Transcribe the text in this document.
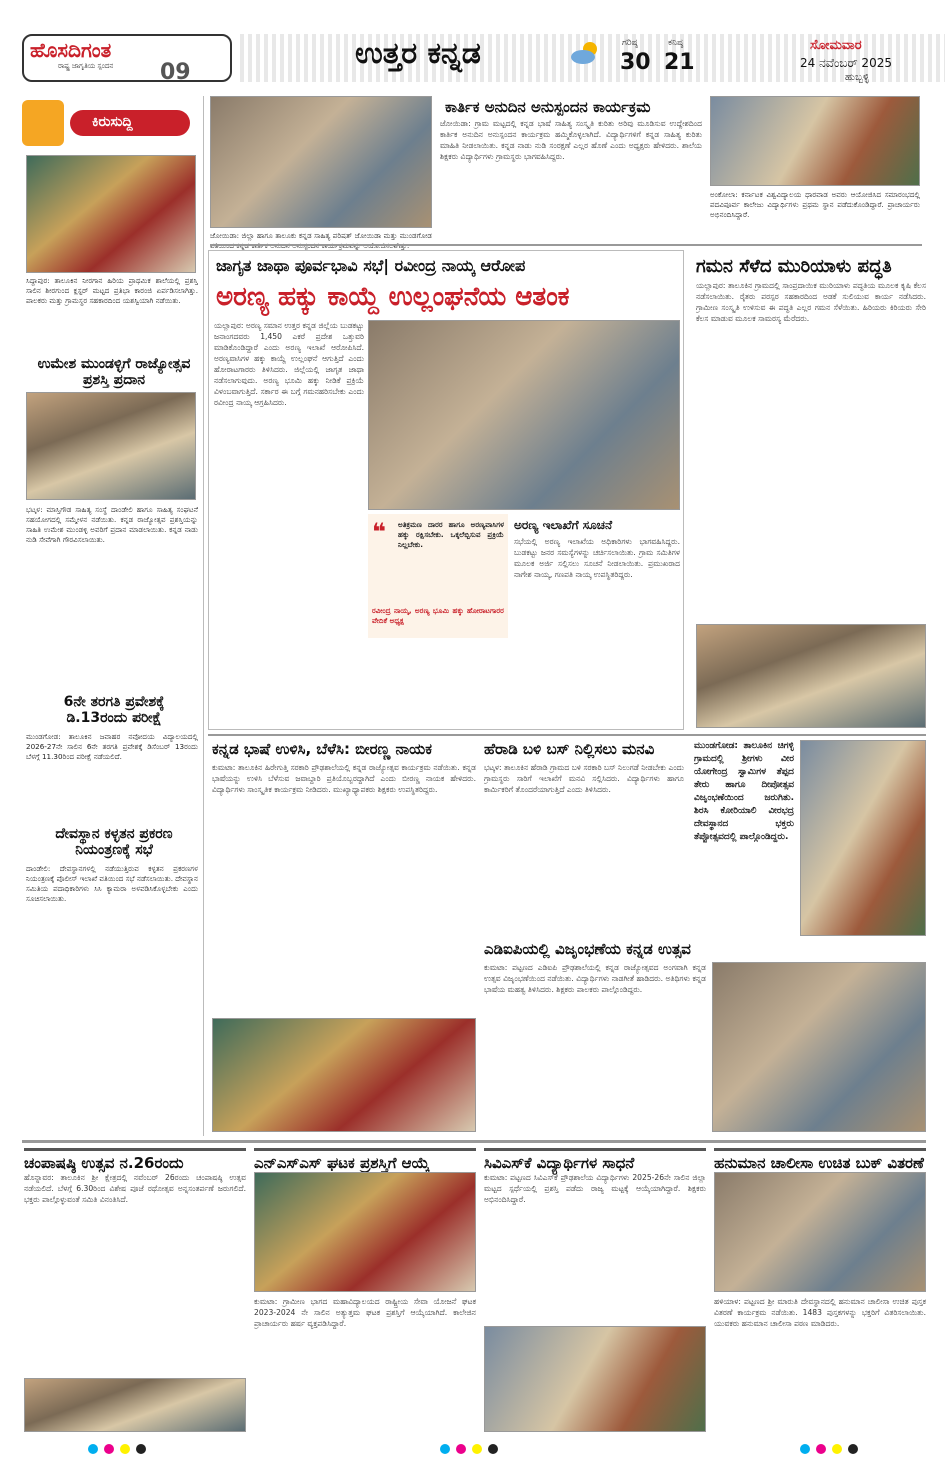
ಹೊಸದಿಗಂತ
ರಾಷ್ಟ್ರ ಜಾಗೃತಿಯ ಸ್ಪಂದನ 09
ಉತ್ತರ ಕನ್ನಡ	ಗರಿಷ್ಠ
30
ಕನಿಷ್ಠ
21
ಸೋಮವಾರ
24 ನವೆಂಬರ್ 2025
ಹುಬ್ಬಳ್ಳಿ
ಕಿರುಸುದ್ದಿ
ಸಿದ್ದಾಪುರ: ತಾಲೂಕಿನ ನೀರಗಾನ ಹಿರಿಯ ಪ್ರಾಥಮಿಕ ಶಾಲೆಯಲ್ಲಿ ಪ್ರಶಸ್ತಿ ಸಾಲಿನ ಶೀರಗುಂದ ಕ್ಲಸ್ಟರ್ ಮಟ್ಟದ ಪ್ರತಿಭಾ ಕಾರಂಜಿ ಏರ್ಪಡಿಸಲಾಗಿತ್ತು. ಪಾಲಕರು ಮತ್ತು ಗ್ರಾಮಸ್ಥರ ಸಹಕಾರದಿಂದ ಯಶಸ್ವಿಯಾಗಿ ನಡೆಯಿತು.
ಉಮೇಶ ಮುಂಡಳ್ಳಿಗೆ ರಾಜ್ಯೋತ್ಸವ ಪ್ರಶಸ್ತಿ ಪ್ರದಾನ
ಭಟ್ಕಳ: ಮಾಸ್ತಿಗೌಡ ಸಾಹಿತ್ಯ ಸಂಸ್ಥೆ ದಾಂಡೇಲಿ ಹಾಗೂ ಸಾಹಿತ್ಯ ಸಂಘಟನೆ ಸಹಯೋಗದಲ್ಲಿ ಸಮ್ಮೇಳನ ನಡೆಯಿತು. ಕನ್ನಡ ರಾಜ್ಯೋತ್ಸವ ಪ್ರಶಸ್ತಿಯನ್ನು ಸಾಹಿತಿ ಉಮೇಶ ಮುಂಡಳ್ಳಿ ಅವರಿಗೆ ಪ್ರದಾನ ಮಾಡಲಾಯಿತು. ಕನ್ನಡ ನಾಡು ನುಡಿ ಸೇವೆಗಾಗಿ ಗೌರವಿಸಲಾಯಿತು.
6ನೇ ತರಗತಿ ಪ್ರವೇಶಕ್ಕೆ ಡಿ.13ರಂದು ಪರೀಕ್ಷೆ
ಮುಂಡಗೋಡ: ತಾಲೂಕಿನ ಜವಾಹರ ನವೋದಯ ವಿದ್ಯಾಲಯದಲ್ಲಿ 2026-27ನೇ ಸಾಲಿನ 6ನೇ ತರಗತಿ ಪ್ರವೇಶಕ್ಕೆ ಡಿಸೆಂಬರ್ 13ರಂದು ಬೆಳಗ್ಗೆ 11.30ರಿಂದ ಪರೀಕ್ಷೆ ನಡೆಯಲಿದೆ.
ದೇವಸ್ಥಾನ ಕಳ್ಳತನ ಪ್ರಕರಣ ನಿಯಂತ್ರಣಕ್ಕೆ ಸಭೆ
ದಾಂಡೇಲಿ: ದೇವಸ್ಥಾನಗಳಲ್ಲಿ ನಡೆಯುತ್ತಿರುವ ಕಳ್ಳತನ ಪ್ರಕರಣಗಳ ನಿಯಂತ್ರಣಕ್ಕೆ ಪೊಲೀಸ್ ಇಲಾಖೆ ವತಿಯಿಂದ ಸಭೆ ನಡೆಸಲಾಯಿತು. ದೇವಸ್ಥಾನ ಸಮಿತಿಯ ಪದಾಧಿಕಾರಿಗಳು ಸಿಸಿ ಕ್ಯಾಮರಾ ಅಳವಡಿಸಿಕೊಳ್ಳಬೇಕು ಎಂದು ಸೂಚಿಸಲಾಯಿತು.
ಜೋಯಿಡಾ: ಜಿಲ್ಲಾ ಹಾಗೂ ತಾಲೂಕು ಕನ್ನಡ ಸಾಹಿತ್ಯ ಪರಿಷತ್ ಜೋಯಿಡಾ ಮತ್ತು ಮುಂಡಗೋಡ
ಕಾರ್ತಿಕ ಅನುದಿನ ಅನುಸ್ಪಂದನ ಕಾರ್ಯಕ್ರಮ
ಜೋಯಿಡಾ: ಗ್ರಾಮ ಮಟ್ಟದಲ್ಲಿ ಕನ್ನಡ ಭಾಷೆ ಸಾಹಿತ್ಯ ಸಂಸ್ಕೃತಿ ಕುರಿತು ಅರಿವು ಮೂಡಿಸುವ ಉದ್ದೇಶದಿಂದ ಕಾರ್ತಿಕ ಅನುದಿನ ಅನುಸ್ಪಂದನ ಕಾರ್ಯಕ್ರಮ ಹಮ್ಮಿಕೊಳ್ಳಲಾಗಿದೆ. ವಿದ್ಯಾರ್ಥಿಗಳಿಗೆ ಕನ್ನಡ ಸಾಹಿತ್ಯ ಕುರಿತು ಮಾಹಿತಿ ನೀಡಲಾಯಿತು. ಕನ್ನಡ ನಾಡು ನುಡಿ ಸಂರಕ್ಷಣೆ ಎಲ್ಲರ ಹೊಣೆ ಎಂದು ಅಧ್ಯಕ್ಷರು ಹೇಳಿದರು. ಶಾಲೆಯ ಶಿಕ್ಷಕರು ವಿದ್ಯಾರ್ಥಿಗಳು ಗ್ರಾಮಸ್ಥರು ಭಾಗವಹಿಸಿದ್ದರು.
ಅಂಕೋಲಾ: ಕರ್ನಾಟಕ ವಿಶ್ವವಿದ್ಯಾಲಯ ಧಾರವಾಡ ಅವರು ಆಯೋಜಿಸಿದ ಸಮಾರಂಭದಲ್ಲಿ ಪದವಿಪೂರ್ವ ಕಾಲೇಜು ವಿದ್ಯಾರ್ಥಿಗಳು ಪ್ರಥಮ ಸ್ಥಾನ ಪಡೆದುಕೊಂಡಿದ್ದಾರೆ. ಪ್ರಾಚಾರ್ಯರು ಅಭಿನಂದಿಸಿದ್ದಾರೆ.
ಜಾಗೃತ ಜಾಥಾ ಪೂರ್ವಭಾವಿ ಸಭೆ| ರವೀಂದ್ರ ನಾಯ್ಕ ಆರೋಪ
ಅರಣ್ಯ ಹಕ್ಕು ಕಾಯ್ದೆ ಉಲ್ಲಂಘನೆಯ ಆತಂಕ
ಯಲ್ಲಾಪುರ: ಅರಣ್ಯ ಸಮಾನ ಉತ್ತರ ಕನ್ನಡ ಜಿಲ್ಲೆಯ ಬುಡಕಟ್ಟು ಜನಾಂಗದವರು 1,450 ಎಕರೆ ಪ್ರದೇಶ ಒತ್ತುವರಿ ಮಾಡಿಕೊಂಡಿದ್ದಾರೆ ಎಂದು ಅರಣ್ಯ ಇಲಾಖೆ ಆರೋಪಿಸಿದೆ. ಅರಣ್ಯವಾಸಿಗಳ ಹಕ್ಕು ಕಾಯ್ದೆ ಉಲ್ಲಂಘನೆ ಆಗುತ್ತಿದೆ ಎಂದು ಹೋರಾಟಗಾರರು ತಿಳಿಸಿದರು. ಜಿಲ್ಲೆಯಲ್ಲಿ ಜಾಗೃತ ಜಾಥಾ ನಡೆಸಲಾಗುವುದು. ಅರಣ್ಯ ಭೂಮಿ ಹಕ್ಕು ನೀಡಿಕೆ ಪ್ರಕ್ರಿಯೆ ವಿಳಂಬವಾಗುತ್ತಿದೆ. ಸರ್ಕಾರ ಈ ಬಗ್ಗೆ ಗಮನಹರಿಸಬೇಕು ಎಂದು ರವೀಂದ್ರ ನಾಯ್ಕ ಆಗ್ರಹಿಸಿದರು.
❝ ಅತಿಕ್ರಮಣ ದಾರರ ಹಾಗೂ ಅರಣ್ಯವಾಸಿಗಳ ಹಕ್ಕು ರಕ್ಷಿಸಬೇಕು. ಒಕ್ಕಲೆಬ್ಬಿಸುವ ಪ್ರಕ್ರಿಯೆ ನಿಲ್ಲಬೇಕು.
ರವೀಂದ್ರ ನಾಯ್ಕ, ಅರಣ್ಯ ಭೂಮಿ ಹಕ್ಕು ಹೋರಾಟಗಾರರ ವೇದಿಕೆ ಅಧ್ಯಕ್ಷ
ಅರಣ್ಯ ಇಲಾಖೆಗೆ ಸೂಚನೆ
ಸಭೆಯಲ್ಲಿ ಅರಣ್ಯ ಇಲಾಖೆಯ ಅಧಿಕಾರಿಗಳು ಭಾಗವಹಿಸಿದ್ದರು. ಬುಡಕಟ್ಟು ಜನರ ಸಮಸ್ಯೆಗಳನ್ನು ಚರ್ಚಿಸಲಾಯಿತು. ಗ್ರಾಮ ಸಮಿತಿಗಳ ಮೂಲಕ ಅರ್ಜಿ ಸಲ್ಲಿಸಲು ಸೂಚನೆ ನೀಡಲಾಯಿತು. ಪ್ರಮುಖರಾದ ನಾಗೇಶ ನಾಯ್ಕ, ಗಣಪತಿ ನಾಯ್ಕ ಉಪಸ್ಥಿತರಿದ್ದರು.
ಗಮನ ಸೆಳೆದ ಮುರಿಯಾಳು ಪದ್ಧತಿ
ಯಲ್ಲಾಪುರ: ತಾಲೂಕಿನ ಗ್ರಾಮದಲ್ಲಿ ಸಾಂಪ್ರದಾಯಿಕ ಮುರಿಯಾಳು ಪದ್ಧತಿಯ ಮೂಲಕ ಕೃಷಿ ಕೆಲಸ ನಡೆಸಲಾಯಿತು. ರೈತರು ಪರಸ್ಪರ ಸಹಕಾರದಿಂದ ಅಡಕೆ ಸುಲಿಯುವ ಕಾರ್ಯ ನಡೆಸಿದರು. ಗ್ರಾಮೀಣ ಸಂಸ್ಕೃತಿ ಉಳಿಸುವ ಈ ಪದ್ಧತಿ ಎಲ್ಲರ ಗಮನ ಸೆಳೆಯಿತು. ಹಿರಿಯರು ಕಿರಿಯರು ಸೇರಿ ಕೆಲಸ ಮಾಡುವ ಮೂಲಕ ಸಾಮರಸ್ಯ ಮೆರೆದರು.
ಕನ್ನಡ ಭಾಷೆ ಉಳಿಸಿ, ಬೆಳೆಸಿ: ಬೀರಣ್ಣ ನಾಯಕ
ಕುಮಟಾ: ತಾಲೂಕಿನ ಹಿರೇಗುತ್ತಿ ಸರಕಾರಿ ಪ್ರೌಢಶಾಲೆಯಲ್ಲಿ ಕನ್ನಡ ರಾಜ್ಯೋತ್ಸವ ಕಾರ್ಯಕ್ರಮ ನಡೆಯಿತು. ಕನ್ನಡ ಭಾಷೆಯನ್ನು ಉಳಿಸಿ ಬೆಳೆಸುವ ಜವಾಬ್ದಾರಿ ಪ್ರತಿಯೊಬ್ಬರದ್ದಾಗಿದೆ ಎಂದು ಬೀರಣ್ಣ ನಾಯಕ ಹೇಳಿದರು. ವಿದ್ಯಾರ್ಥಿಗಳು ಸಾಂಸ್ಕೃತಿಕ ಕಾರ್ಯಕ್ರಮ ನೀಡಿದರು. ಮುಖ್ಯಾಧ್ಯಾಪಕರು ಶಿಕ್ಷಕರು ಉಪಸ್ಥಿತರಿದ್ದರು.
ಹೆರಾಡಿ ಬಳಿ ಬಸ್ ನಿಲ್ಲಿಸಲು ಮನವಿ
ಭಟ್ಕಳ: ತಾಲೂಕಿನ ಹೆರಾಡಿ ಗ್ರಾಮದ ಬಳಿ ಸರಕಾರಿ ಬಸ್ ನಿಲುಗಡೆ ನೀಡಬೇಕು ಎಂದು ಗ್ರಾಮಸ್ಥರು ಸಾರಿಗೆ ಇಲಾಖೆಗೆ ಮನವಿ ಸಲ್ಲಿಸಿದರು. ವಿದ್ಯಾರ್ಥಿಗಳು ಹಾಗೂ ಕಾರ್ಮಿಕರಿಗೆ ತೊಂದರೆಯಾಗುತ್ತಿದೆ ಎಂದು ತಿಳಿಸಿದರು.
ಮುಂಡಗೋಡ: ತಾಲೂಕಿನ ಚಿಗಳ್ಳಿ ಗ್ರಾಮದಲ್ಲಿ ಶ್ರೀಗಳು ವೀರ ಯೋಗೇಂದ್ರ ಸ್ವಾಮಿಗಳ ತೆಪ್ಪದ ತೇರು ಹಾಗೂ ದೀಪೋತ್ಸವ ವಿಜೃಂಭಣೆಯಿಂದ ಜರುಗಿತು. ಶಿರಸಿ ಕೋರಿಯಾಲಿ ವೀರಭದ್ರ ದೇವಸ್ಥಾನದ ಭಕ್ತರು ತೆಪ್ಪೋತ್ಸವದಲ್ಲಿ ಪಾಲ್ಗೊಂಡಿದ್ದರು.
ಎಡಿಐಪಿಯಲ್ಲಿ ವಿಜೃಂಭಣೆಯ ಕನ್ನಡ ಉತ್ಸವ
ಕುಮಟಾ: ಪಟ್ಟಣದ ಎಡಿಐಪಿ ಪ್ರೌಢಶಾಲೆಯಲ್ಲಿ ಕನ್ನಡ ರಾಜ್ಯೋತ್ಸವದ ಅಂಗವಾಗಿ ಕನ್ನಡ ಉತ್ಸವ ವಿಜೃಂಭಣೆಯಿಂದ ನಡೆಯಿತು. ವಿದ್ಯಾರ್ಥಿಗಳು ನಾಡಗೀತೆ ಹಾಡಿದರು. ಅತಿಥಿಗಳು ಕನ್ನಡ ಭಾಷೆಯ ಮಹತ್ವ ತಿಳಿಸಿದರು. ಶಿಕ್ಷಕರು ಪಾಲಕರು ಪಾಲ್ಗೊಂಡಿದ್ದರು.
ಚಂಪಾಷಷ್ಠಿ ಉತ್ಸವ ನ.26ರಂದು
ಹೊನ್ನಾವರ: ತಾಲೂಕಿನ ಶ್ರೀ ಕ್ಷೇತ್ರದಲ್ಲಿ ನವೆಂಬರ್ 26ರಂದು ಚಂಪಾಷಷ್ಠಿ ಉತ್ಸವ ನಡೆಯಲಿದೆ. ಬೆಳಗ್ಗೆ 6.30ರಿಂದ ವಿಶೇಷ ಪೂಜೆ ರಥೋತ್ಸವ ಅನ್ನಸಂತರ್ಪಣೆ ಜರುಗಲಿದೆ. ಭಕ್ತರು ಪಾಲ್ಗೊಳ್ಳುವಂತೆ ಸಮಿತಿ ವಿನಂತಿಸಿದೆ.
ಎನ್‌ಎಸ್‌ಎಸ್ ಘಟಕ ಪ್ರಶಸ್ತಿಗೆ ಆಯ್ಕೆ
ಕುಮಟಾ: ಗ್ರಾಮೀಣ ಭಾಗದ ಮಹಾವಿದ್ಯಾಲಯದ ರಾಷ್ಟ್ರೀಯ ಸೇವಾ ಯೋಜನೆ ಘಟಕ 2023-2024 ನೇ ಸಾಲಿನ ಅತ್ಯುತ್ತಮ ಘಟಕ ಪ್ರಶಸ್ತಿಗೆ ಆಯ್ಕೆಯಾಗಿದೆ. ಕಾಲೇಜಿನ ಪ್ರಾಚಾರ್ಯರು ಹರ್ಷ ವ್ಯಕ್ತಪಡಿಸಿದ್ದಾರೆ.
ಸಿವಿಎಸ್‌ಕೆ ವಿದ್ಯಾರ್ಥಿಗಳ ಸಾಧನೆ
ಕುಮಟಾ: ಪಟ್ಟಣದ ಸಿವಿಎಸ್‌ಕೆ ಪ್ರೌಢಶಾಲೆಯ ವಿದ್ಯಾರ್ಥಿಗಳು 2025-26ನೇ ಸಾಲಿನ ಜಿಲ್ಲಾ ಮಟ್ಟದ ಸ್ಪರ್ಧೆಯಲ್ಲಿ ಪ್ರಶಸ್ತಿ ಪಡೆದು ರಾಜ್ಯ ಮಟ್ಟಕ್ಕೆ ಆಯ್ಕೆಯಾಗಿದ್ದಾರೆ. ಶಿಕ್ಷಕರು ಅಭಿನಂದಿಸಿದ್ದಾರೆ.
ಹನುಮಾನ ಚಾಲೀಸಾ ಉಚಿತ ಬುಕ್ ವಿತರಣೆ
ಹಳಿಯಾಳ: ಪಟ್ಟಣದ ಶ್ರೀ ಮಾರುತಿ ದೇವಸ್ಥಾನದಲ್ಲಿ ಹನುಮಾನ ಚಾಲೀಸಾ ಉಚಿತ ಪುಸ್ತಕ ವಿತರಣೆ ಕಾರ್ಯಕ್ರಮ ನಡೆಯಿತು. 1483 ಪುಸ್ತಕಗಳನ್ನು ಭಕ್ತರಿಗೆ ವಿತರಿಸಲಾಯಿತು. ಯುವಕರು ಹನುಮಾನ ಚಾಲೀಸಾ ಪಠಣ ಮಾಡಿದರು.
